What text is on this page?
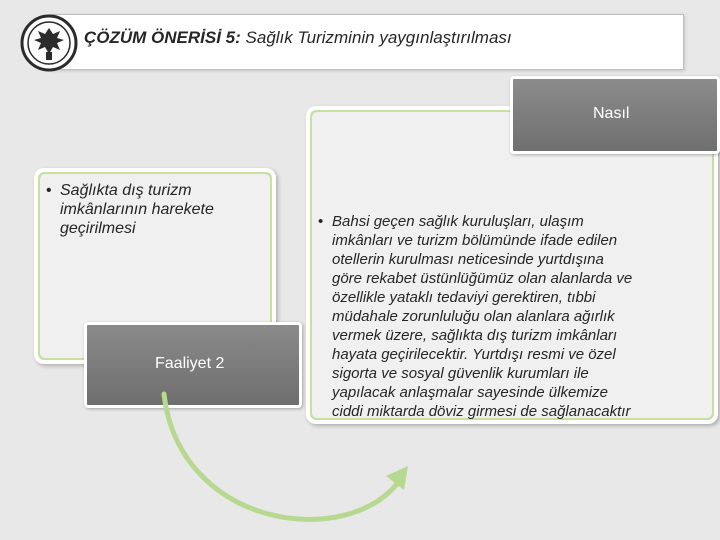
ÇÖZÜM ÖNERİSİ 5: Sağlık Turizminin yaygınlaştırılması
Nasıl
Faaliyet 2
• Sağlıkta dış turizm
imkânlarının harekete
geçirilmesi	• Bahsi geçen sağlık kuruluşları, ulaşım
imkânları ve turizm bölümünde ifade edilen
otellerin kurulması neticesinde yurtdışına
göre rekabet üstünlüğümüz olan alanlarda ve
özellikle yataklı tedaviyi gerektiren, tıbbi
müdahale zorunluluğu olan alanlara ağırlık
vermek üzere, sağlıkta dış turizm imkânları
hayata geçirilecektir. Yurtdışı resmi ve özel
sigorta ve sosyal güvenlik kurumları ile
yapılacak anlaşmalar sayesinde ülkemize
ciddi miktarda döviz girmesi de sağlanacaktır
